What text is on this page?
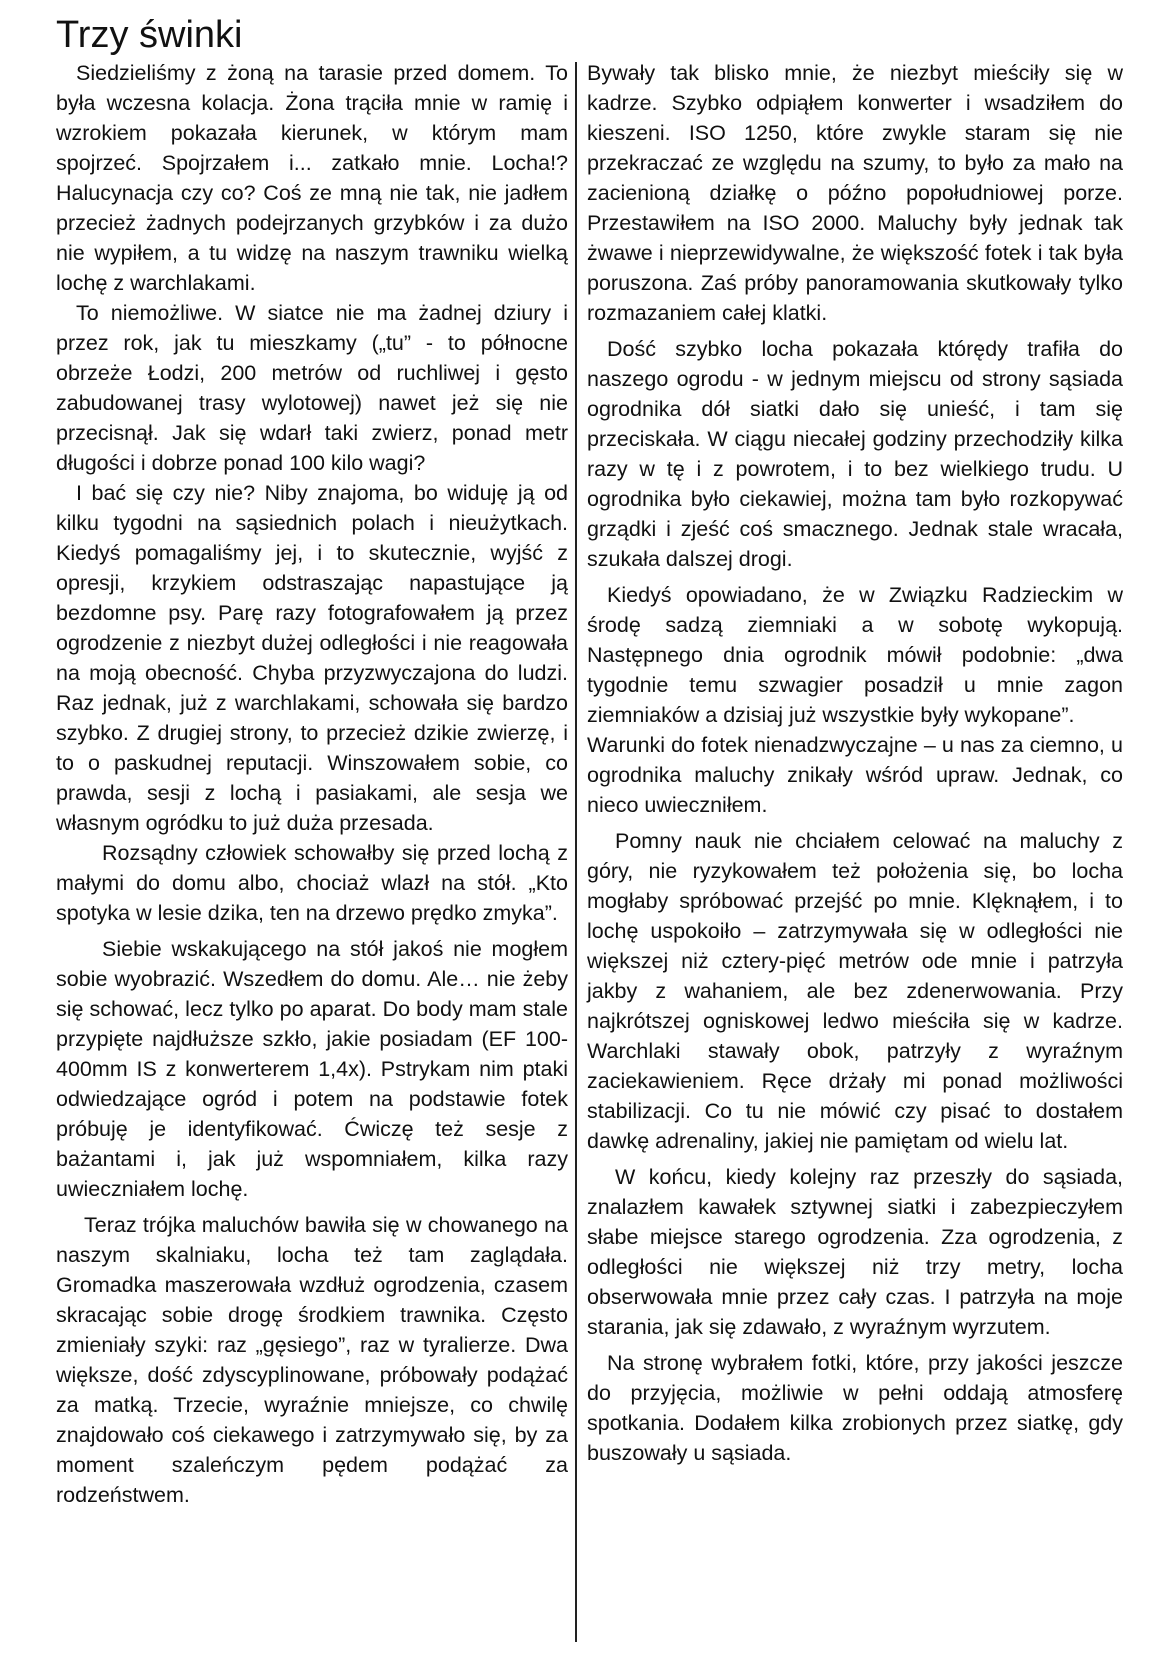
Trzy świnki

Siedzieliśmy z żoną na tarasie przed domem. To była wczesna kolacja. Żona trąciła mnie w ramię i wzrokiem pokazała kierunek, w którym mam spojrzeć. Spojrzałem i... zatkało mnie. Locha!? Halucynacja czy co? Coś ze mną nie tak, nie jadłem przecież żadnych podejrzanych grzybków i za dużo nie wypiłem, a tu widzę na naszym trawniku wielką lochę z warchlakami.

To niemożliwe. W siatce nie ma żadnej dziury i przez rok, jak tu mieszkamy („tu” - to północne obrzeże Łodzi, 200 metrów od ruchliwej i gęsto zabudowanej trasy wylotowej) nawet jeż się nie przecisnął. Jak się wdarł taki zwierz, ponad metr długości i dobrze ponad 100 kilo wagi?

I bać się czy nie? Niby znajoma, bo widuję ją od kilku tygodni na sąsiednich polach i nieużytkach. Kiedyś pomagaliśmy jej, i to skutecznie, wyjść z opresji, krzykiem odstraszając napastujące ją bezdomne psy. Parę razy fotografowałem ją przez ogrodzenie z niezbyt dużej odległości i nie reagowała na moją obecność. Chyba przyzwyczajona do ludzi. Raz jednak, już z warchlakami, schowała się bardzo szybko. Z drugiej strony, to przecież dzikie zwierzę, i to o paskudnej reputacji. Winszowałem sobie, co prawda, sesji z lochą i pasiakami, ale sesja we własnym ogródku to już duża przesada.

Rozsądny człowiek schowałby się przed lochą z małymi do domu albo, chociaż wlazł na stół. „Kto spotyka w lesie dzika, ten na drzewo prędko zmyka”.

Siebie wskakującego na stół jakoś nie mogłem sobie wyobrazić. Wszedłem do domu. Ale… nie żeby się schować, lecz tylko po aparat. Do body mam stale przypięte najdłuższe szkło, jakie posiadam (EF 100-400mm IS z konwerterem 1,4x). Pstrykam nim ptaki odwiedzające ogród i potem na podstawie fotek próbuję je identyfikować. Ćwiczę też sesje z bażantami i, jak już wspomniałem, kilka razy uwieczniałem lochę.

Teraz trójka maluchów bawiła się w chowanego na naszym skalniaku, locha też tam zaglądała. Gromadka maszerowała wzdłuż ogrodzenia, czasem skracając sobie drogę środkiem trawnika. Często zmieniały szyki: raz „gęsiego”, raz w tyralierze. Dwa większe, dość zdyscyplinowane, próbowały podążać za matką. Trzecie, wyraźnie mniejsze, co chwilę znajdowało coś ciekawego i zatrzymywało się, by za moment szaleńczym pędem podążać za rodzeństwem.

Bywały tak blisko mnie, że niezbyt mieściły się w kadrze. Szybko odpiąłem konwerter i wsadziłem do kieszeni. ISO 1250, które zwykle staram się nie przekraczać ze względu na szumy, to było za mało na zacienioną działkę o późno popołudniowej porze. Przestawiłem na ISO 2000. Maluchy były jednak tak żwawe i nieprzewidywalne, że większość fotek i tak była poruszona. Zaś próby panoramowania skutkowały tylko rozmazaniem całej klatki.

Dość szybko locha pokazała którędy trafiła do naszego ogrodu - w jednym miejscu od strony sąsiada ogrodnika dół siatki dało się unieść, i tam się przeciskała. W ciągu niecałej godziny przechodziły kilka razy w tę i z powrotem, i to bez wielkiego trudu. U ogrodnika było ciekawiej, można tam było rozkopywać grządki i zjeść coś smacznego. Jednak stale wracała, szukała dalszej drogi.

Kiedyś opowiadano, że w Związku Radzieckim w środę sadzą ziemniaki a w sobotę wykopują. Następnego dnia ogrodnik mówił podobnie: „dwa tygodnie temu szwagier posadził u mnie zagon ziemniaków a dzisiaj już wszystkie były wykopane”.

Warunki do fotek nienadzwyczajne – u nas za ciemno, u ogrodnika maluchy znikały wśród upraw. Jednak, co nieco uwieczniłem.

Pomny nauk nie chciałem celować na maluchy z góry, nie ryzykowałem też położenia się, bo locha mogłaby spróbować przejść po mnie. Klęknąłem, i to lochę uspokoiło – zatrzymywała się w odległości nie większej niż cztery-pięć metrów ode mnie i patrzyła jakby z wahaniem, ale bez zdenerwowania. Przy najkrótszej ogniskowej ledwo mieściła się w kadrze. Warchlaki stawały obok, patrzyły z wyraźnym zaciekawieniem. Ręce drżały mi ponad możliwości stabilizacji. Co tu nie mówić czy pisać to dostałem dawkę adrenaliny, jakiej nie pamiętam od wielu lat.

W końcu, kiedy kolejny raz przeszły do sąsiada, znalazłem kawałek sztywnej siatki i zabezpieczyłem słabe miejsce starego ogrodzenia. Zza ogrodzenia, z odległości nie większej niż trzy metry, locha obserwowała mnie przez cały czas. I patrzyła na moje starania, jak się zdawało, z wyraźnym wyrzutem.

Na stronę wybrałem fotki, które, przy jakości jeszcze do przyjęcia, możliwie w pełni oddają atmosferę spotkania. Dodałem kilka zrobionych przez siatkę, gdy buszowały u sąsiada.
